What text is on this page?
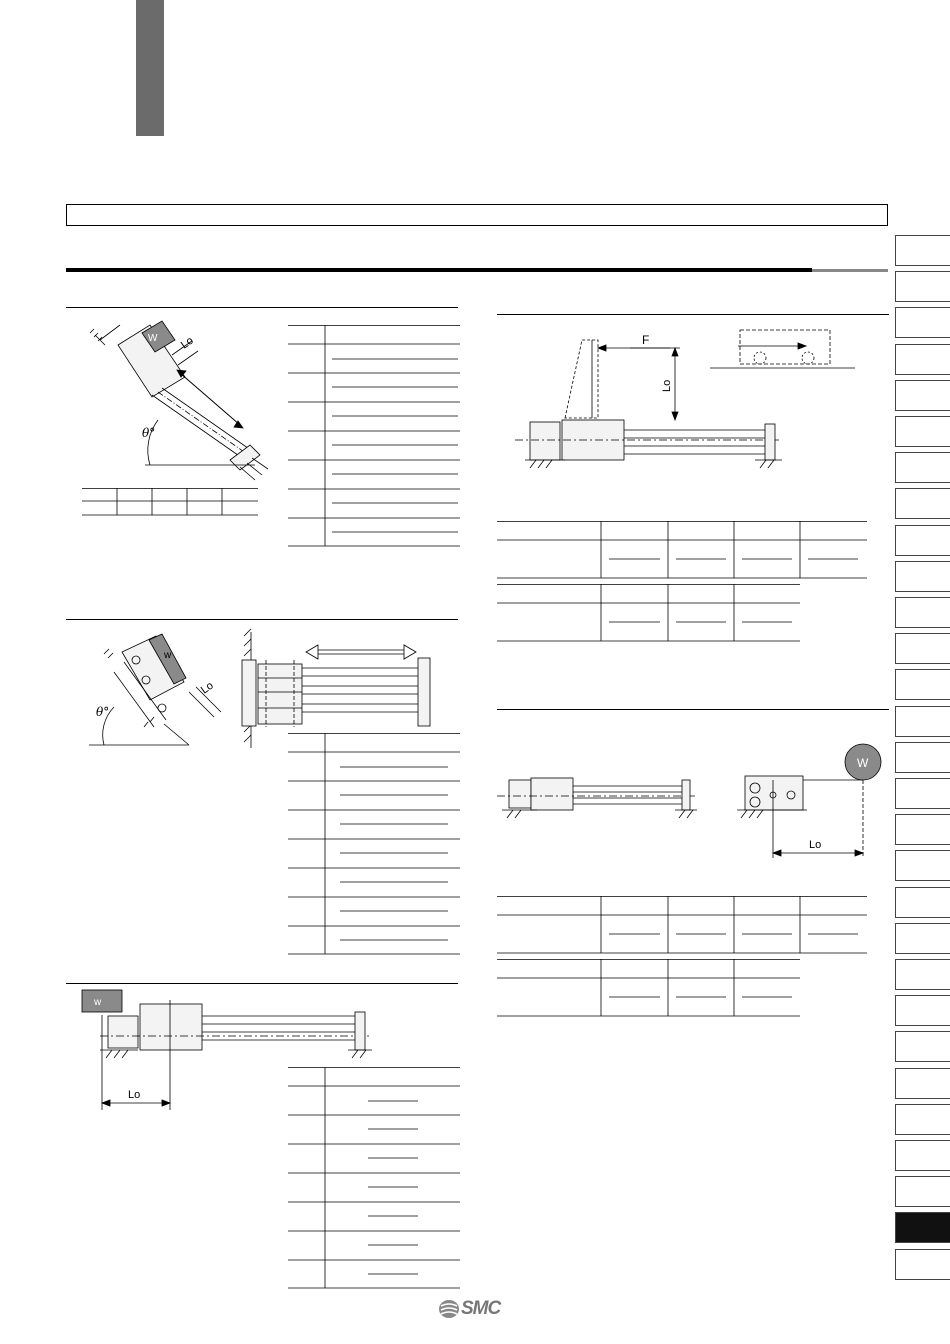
W Lo
θ°
w
Lo
θ°
w
Lo
F
Lo
W
Lo
SMC
